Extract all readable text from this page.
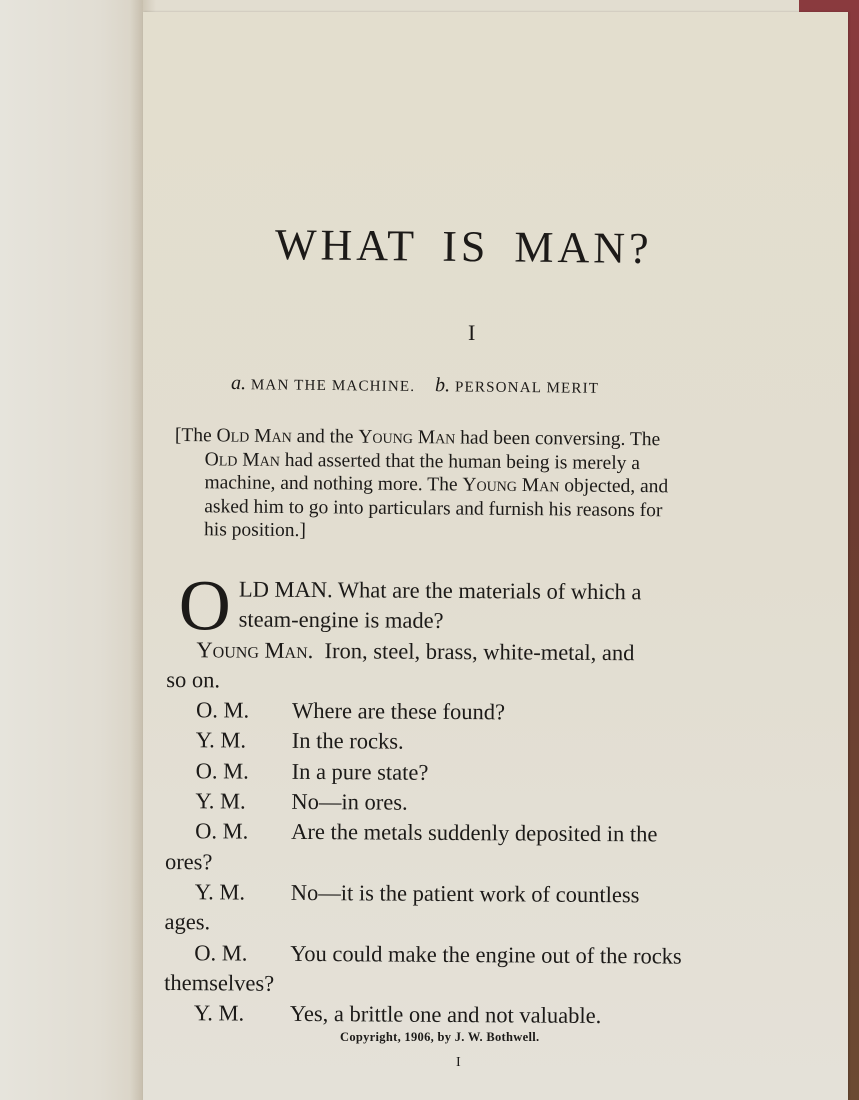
WHAT IS MAN?
I
a. MAN THE MACHINE. b. PERSONAL MERIT
[The Old Man and the Young Man had been conversing. The
Old Man had asserted that the human being is merely a
machine, and nothing more. The Young Man objected, and
asked him to go into particulars and furnish his reasons for
his position.]
O LD MAN. What are the materials of which a
steam-engine is made?
Young Man. Iron, steel, brass, white-metal, and
so on.
O. M. Where are these found?
Y. M. In the rocks.
O. M. In a pure state?
Y. M. No—in ores.
O. M. Are the metals suddenly deposited in the
ores?
Y. M. No—it is the patient work of countless
ages.
O. M. You could make the engine out of the rocks
themselves?
Y. M. Yes, a brittle one and not valuable.
Copyright, 1906, by J. W. Bothwell.
I
